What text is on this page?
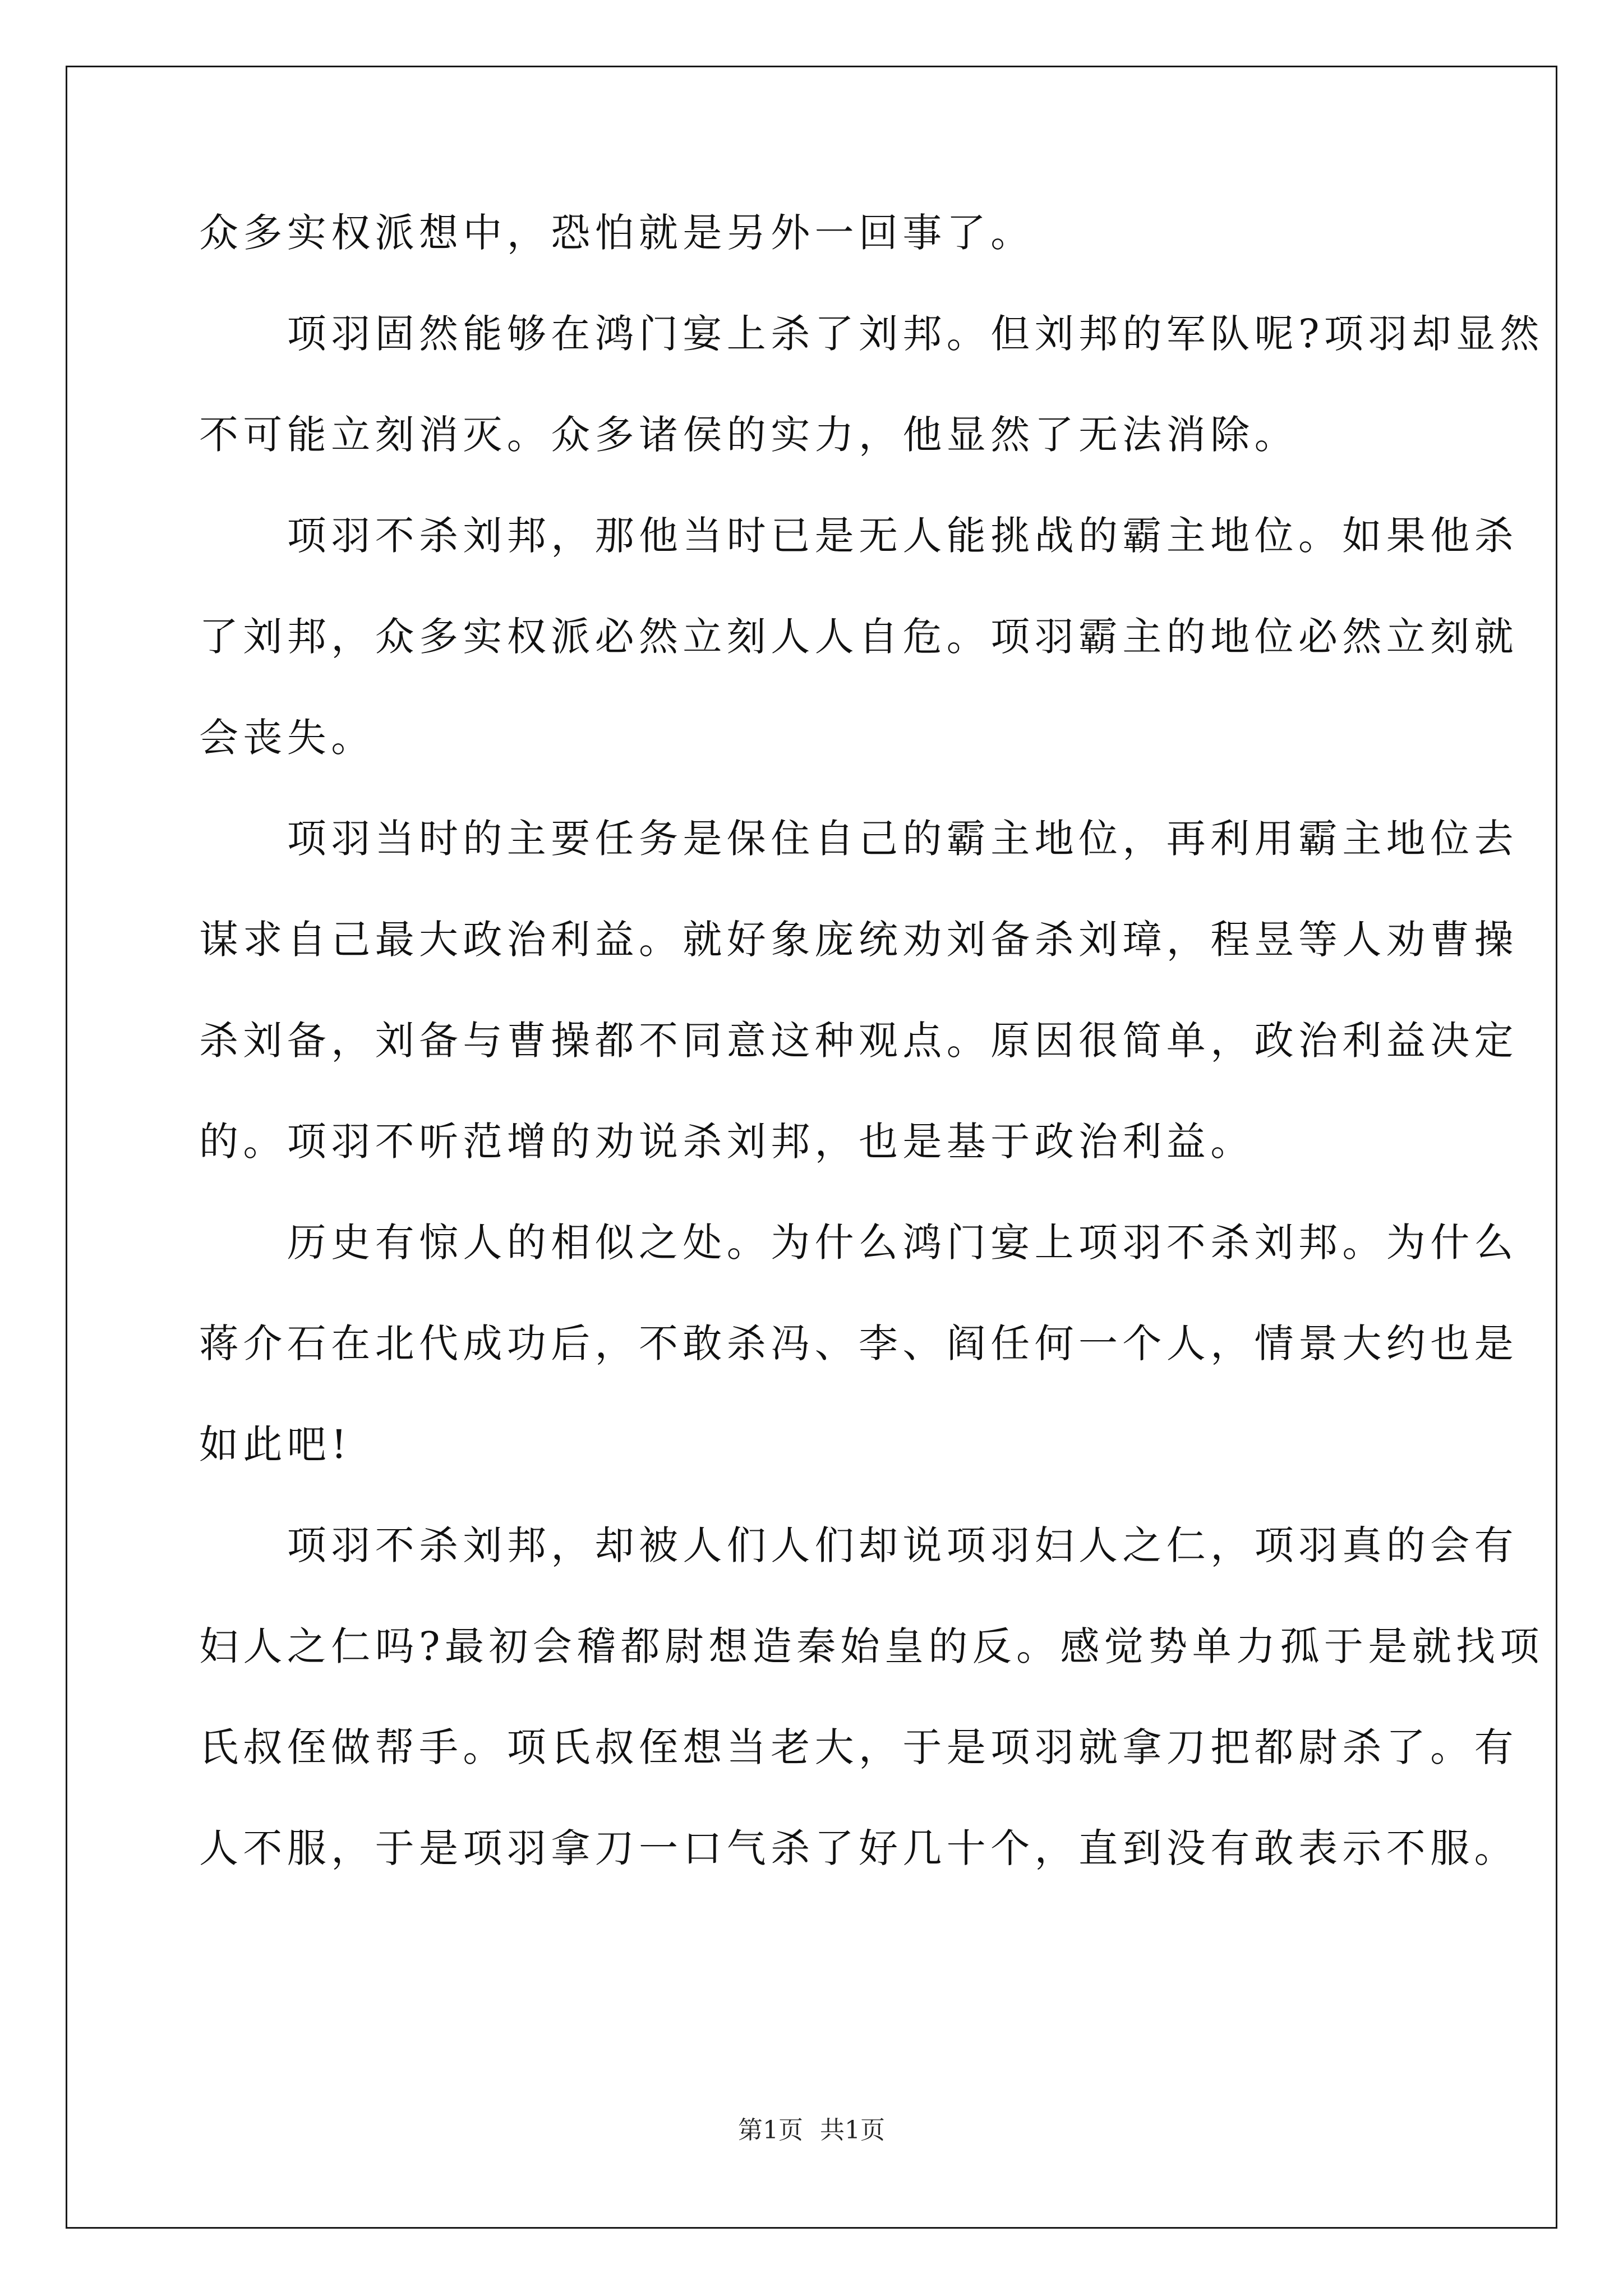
众多实权派想中，恐怕就是另外一回事了。
　　项羽固然能够在鸿门宴上杀了刘邦。但刘邦的军队呢?项羽却显然
不可能立刻消灭。众多诸侯的实力，他显然了无法消除。
　　项羽不杀刘邦，那他当时已是无人能挑战的霸主地位。如果他杀
了刘邦，众多实权派必然立刻人人自危。项羽霸主的地位必然立刻就
会丧失。
　　项羽当时的主要任务是保住自己的霸主地位，再利用霸主地位去
谋求自己最大政治利益。就好象庞统劝刘备杀刘璋，程昱等人劝曹操
杀刘备，刘备与曹操都不同意这种观点。原因很简单，政治利益决定
的。项羽不听范增的劝说杀刘邦，也是基于政治利益。
　　历史有惊人的相似之处。为什么鸿门宴上项羽不杀刘邦。为什么
蒋介石在北代成功后，不敢杀冯、李、阎任何一个人，情景大约也是
如此吧!
　　项羽不杀刘邦，却被人们人们却说项羽妇人之仁，项羽真的会有
妇人之仁吗?最初会稽都尉想造秦始皇的反。感觉势单力孤于是就找项
氏叔侄做帮手。项氏叔侄想当老大，于是项羽就拿刀把都尉杀了。有
人不服，于是项羽拿刀一口气杀了好几十个，直到没有敢表示不服。
第1页 共1页
